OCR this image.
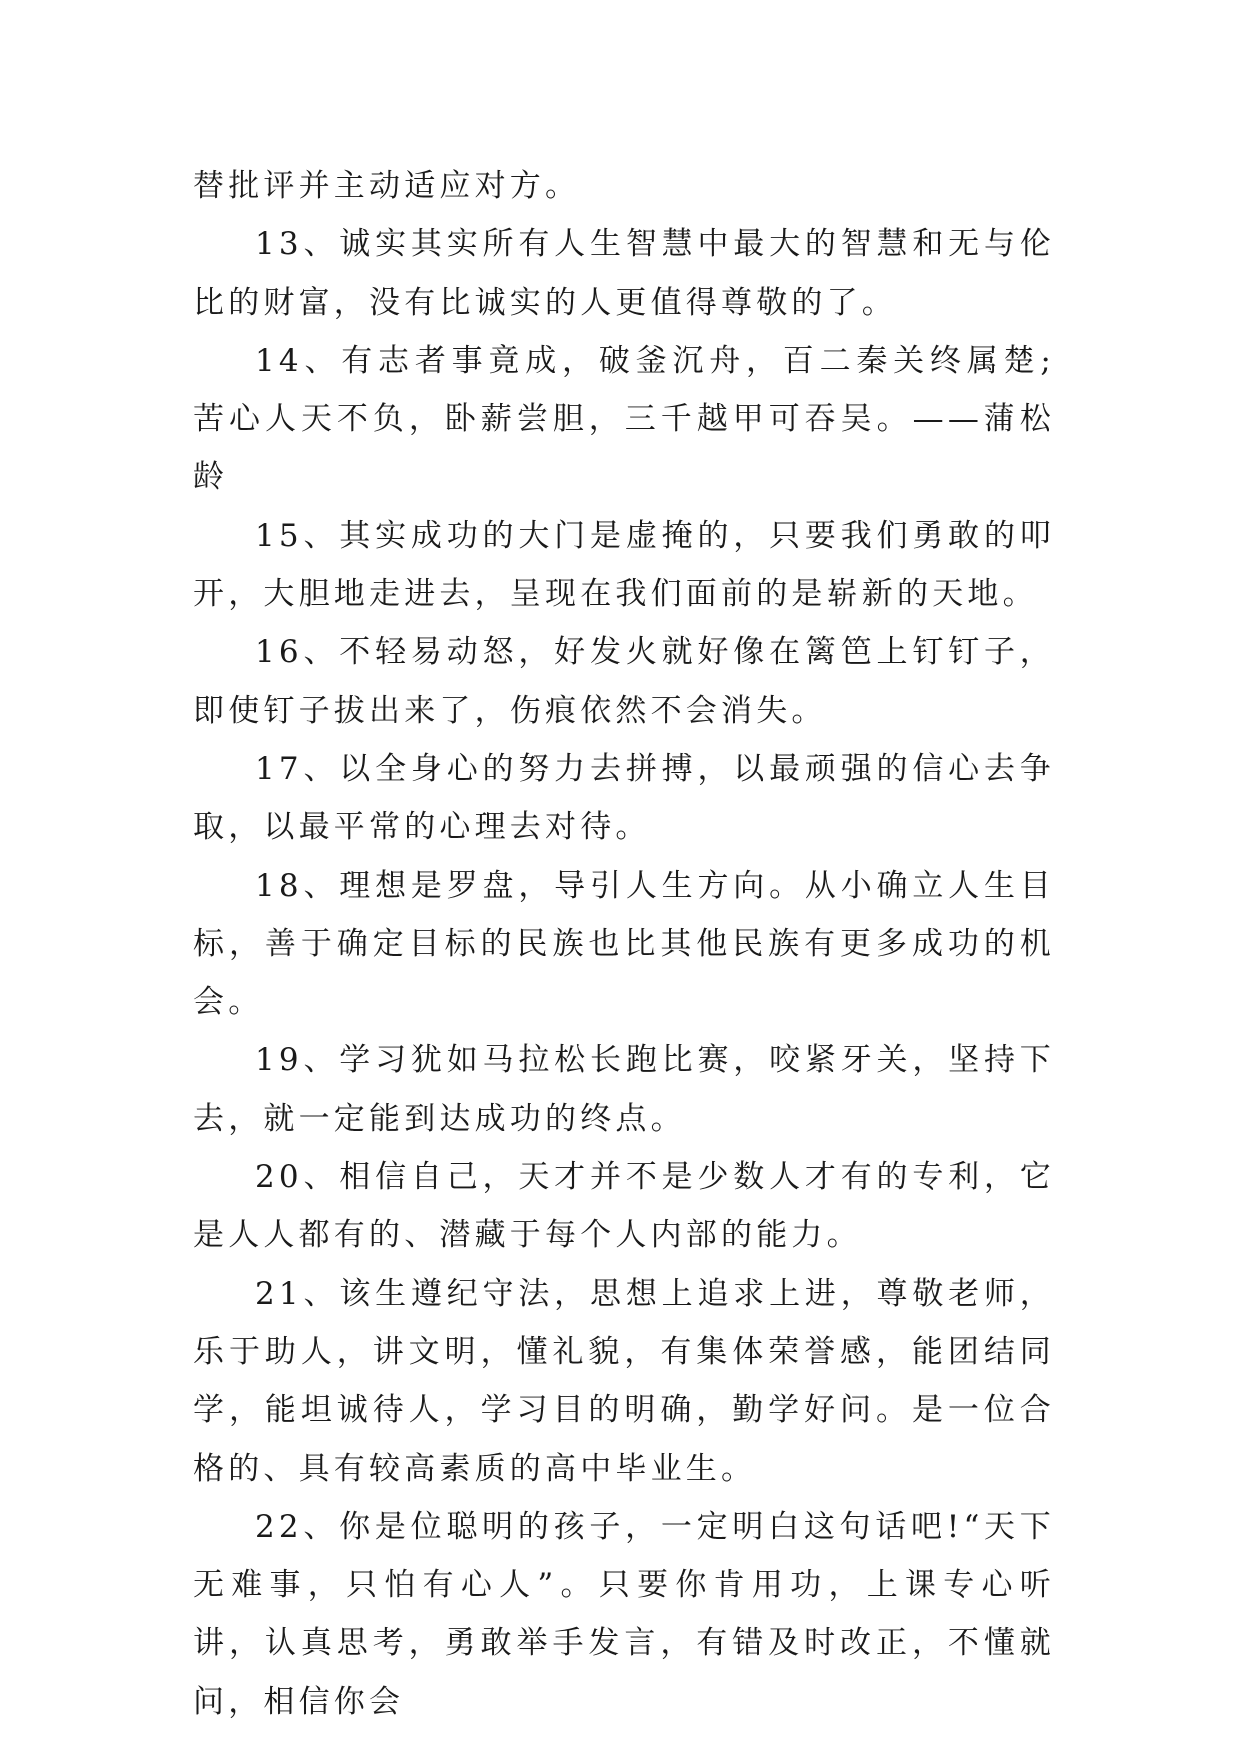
替批评并主动适应对方。

13、诚实其实所有人生智慧中最大的智慧和无与伦比的财富，没有比诚实的人更值得尊敬的了。

14、有志者事竟成，破釜沉舟，百二秦关终属楚;苦心人天不负，卧薪尝胆，三千越甲可吞吴。——蒲松龄

15、其实成功的大门是虚掩的，只要我们勇敢的叩开，大胆地走进去，呈现在我们面前的是崭新的天地。

16、不轻易动怒，好发火就好像在篱笆上钉钉子，即使钉子拔出来了，伤痕依然不会消失。

17、以全身心的努力去拼搏，以最顽强的信心去争取，以最平常的心理去对待。

18、理想是罗盘，导引人生方向。从小确立人生目标，善于确定目标的民族也比其他民族有更多成功的机会。

19、学习犹如马拉松长跑比赛，咬紧牙关，坚持下去，就一定能到达成功的终点。

20、相信自己，天才并不是少数人才有的专利，它是人人都有的、潜藏于每个人内部的能力。

21、该生遵纪守法，思想上追求上进，尊敬老师，乐于助人，讲文明，懂礼貌，有集体荣誉感，能团结同学，能坦诚待人，学习目的明确，勤学好问。是一位合格的、具有较高素质的高中毕业生。

22、你是位聪明的孩子，一定明白这句话吧!“天下无难事，只怕有心人”。只要你肯用功，上课专心听讲，认真思考，勇敢举手发言，有错及时改正，不懂就问，相信你会
